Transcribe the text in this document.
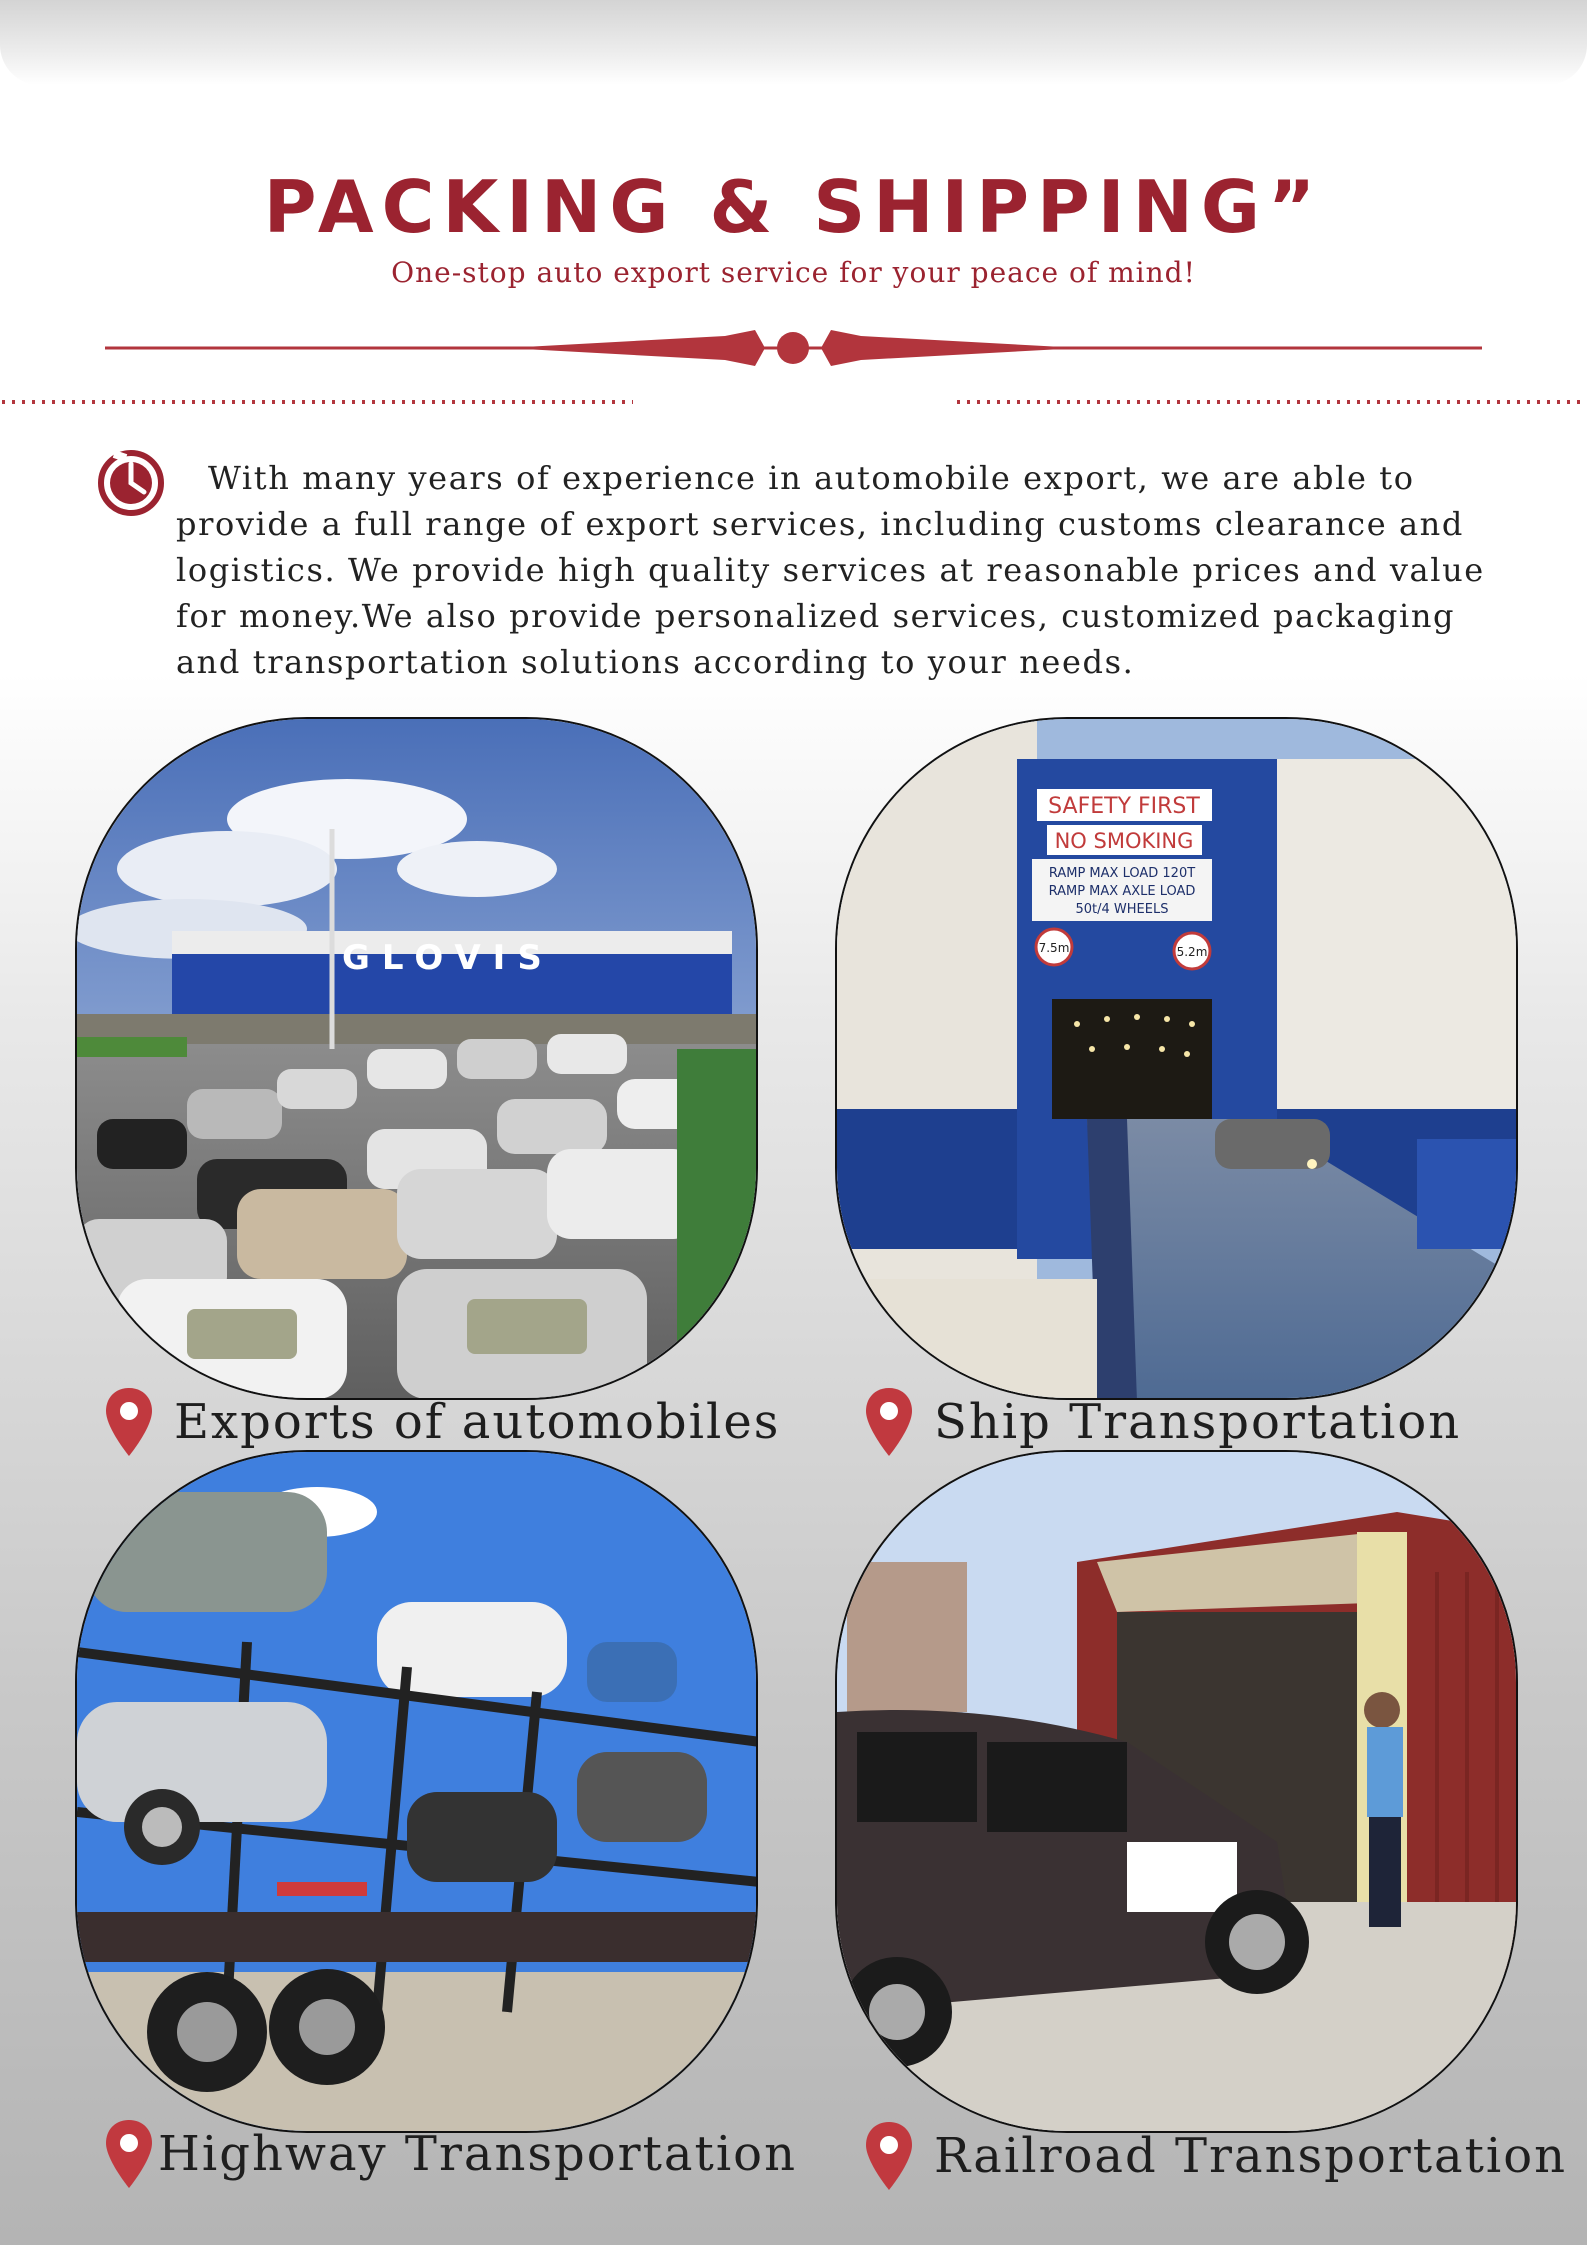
PACKING & SHIPPING”
One-stop auto export service for your peace of mind!

With many years of experience in automobile export, we are able to provide a full range of export services, including customs clearance and logistics. We provide high quality services at reasonable prices and value for money.We also provide personalized services, customized packaging and transportation solutions according to your needs.

GLOVIS
SAFETY FIRST
NO SMOKING
RAMP MAX LOAD 120T
RAMP MAX AXLE LOAD
50t/4 WHEELS
7.5m	5.2m
Exports of automobiles	Ship Transportation
Highway Transportation	Railroad Transportation
